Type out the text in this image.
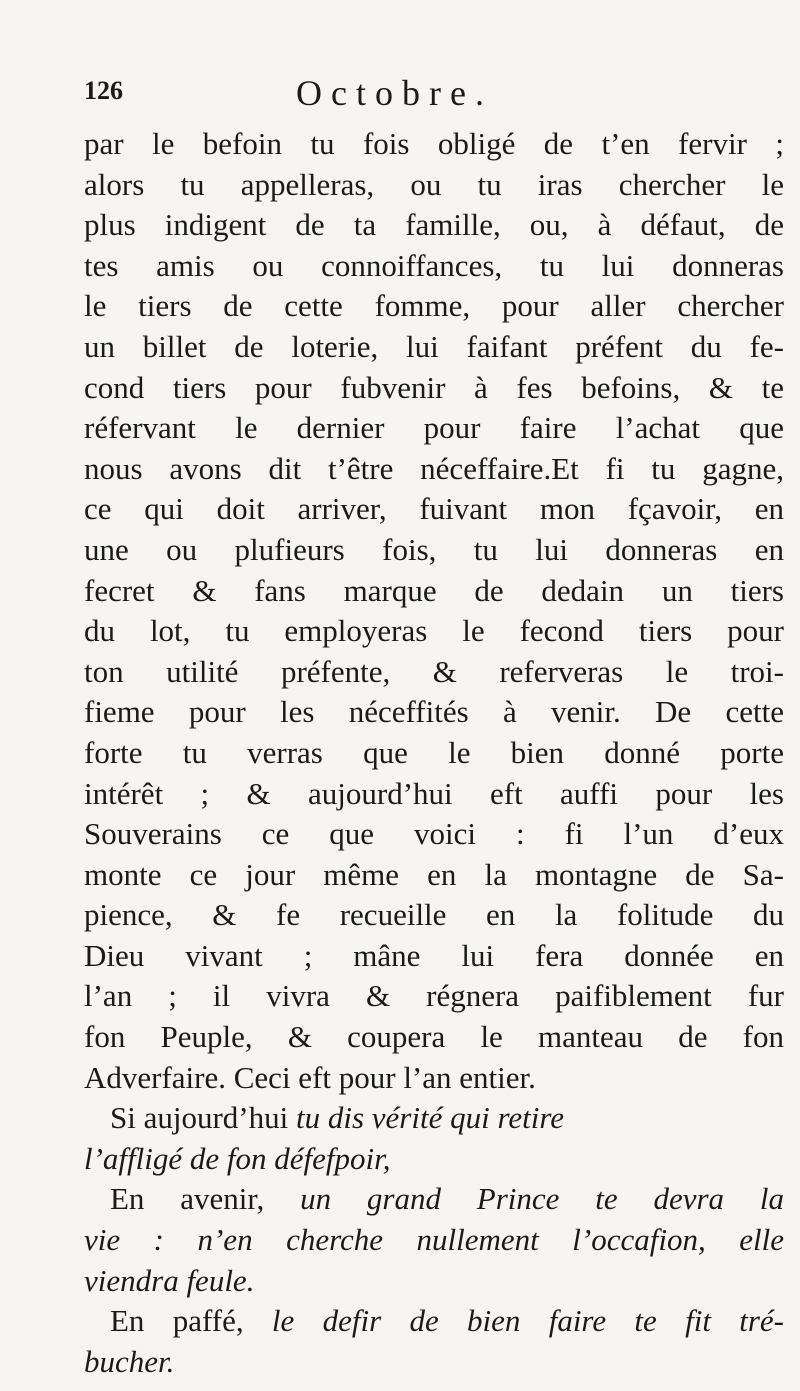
126	Octobre.
par le befoin tu fois obligé de t’en fervir ;
alors tu appelleras, ou tu iras chercher le
plus indigent de ta famille, ou, à défaut, de
tes amis ou connoiffances, tu lui donneras
le tiers de cette fomme, pour aller chercher
un billet de loterie, lui faifant préfent du fe-
cond tiers pour fubvenir à fes befoins, & te
réfervant le dernier pour faire l’achat que
nous avons dit t’être néceffaire.Et fi tu gagne,
ce qui doit arriver, fuivant mon fçavoir, en
une ou plufieurs fois, tu lui donneras en
fecret & fans marque de dedain un tiers
du lot, tu employeras le fecond tiers pour
ton utilité préfente, & referveras le troi-
fieme pour les néceffités à venir. De cette
forte tu verras que le bien donné porte
intérêt ; & aujourd’hui eft auffi pour les
Souverains ce que voici : fi l’un d’eux
monte ce jour même en la montagne de Sa-
pience, & fe recueille en la folitude du
Dieu vivant ; mâne lui fera donnée en
l’an ; il vivra & régnera paifiblement fur
fon Peuple, & coupera le manteau de fon
Adverfaire. Ceci eft pour l’an entier.
Si aujourd’hui tu dis vérité qui retire
l’affligé de fon défefpoir,
En avenir, un grand Prince te devra la
vie : n’en cherche nullement l’occafion, elle
viendra feule.
En paffé, le defir de bien faire te fit tré-
bucher.
